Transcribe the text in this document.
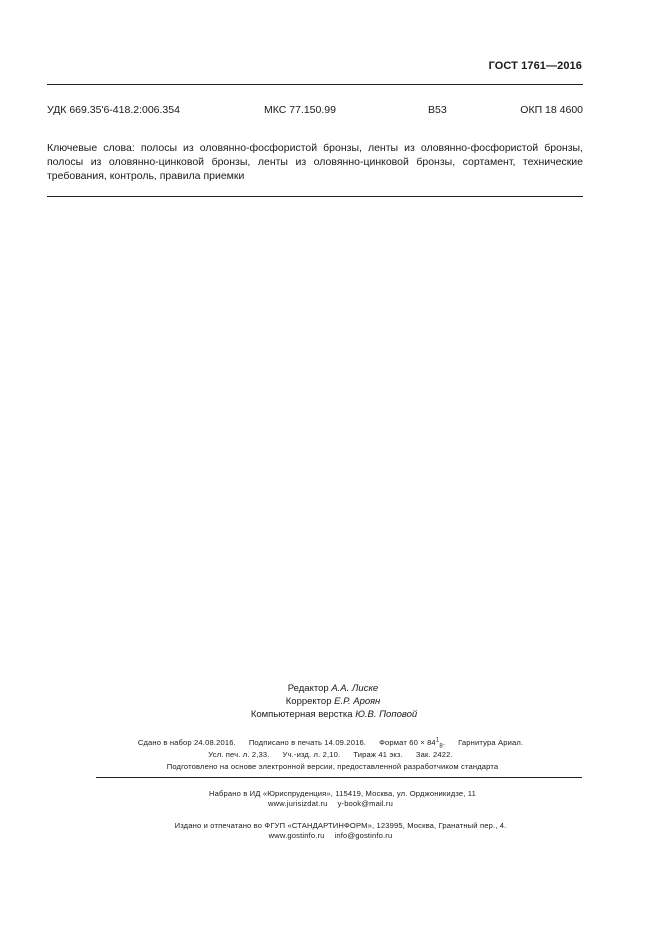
ГОСТ 1761—2016
УДК 669.35'6-418.2:006.354	МКС 77.150.99	В53	ОКП 18 4600
Ключевые слова: полосы из оловянно-фосфористой бронзы, ленты из оловянно-фосфористой бронзы, полосы из оловянно-цинковой бронзы, ленты из оловянно-цинковой бронзы, сортамент, технические требования, контроль, правила приемки
Редактор А.А. Лиске
Корректор Е.Р. Ароян
Компьютерная верстка Ю.В. Поповой
Сдано в набор 24.08.2016. Подписано в печать 14.09.2016. Формат $60 \times 84^1_8$. Гарнитура Ариал.
Усл. печ. л. 2,33. Уч.-изд. л. 2,10. Тираж 41 экз. Зак. 2422.
Подготовлено на основе электронной версии, предоставленной разработчиком стандарта
Набрано в ИД «Юриспруденция», 115419, Москва, ул. Орджоникидзе, 11
www.jurisizdat.ru y-book@mail.ru
Издано и отпечатано во ФГУП «СТАНДАРТИНФОРМ», 123995, Москва, Гранатный пер., 4.
www.gostinfo.ru info@gostinfo.ru
